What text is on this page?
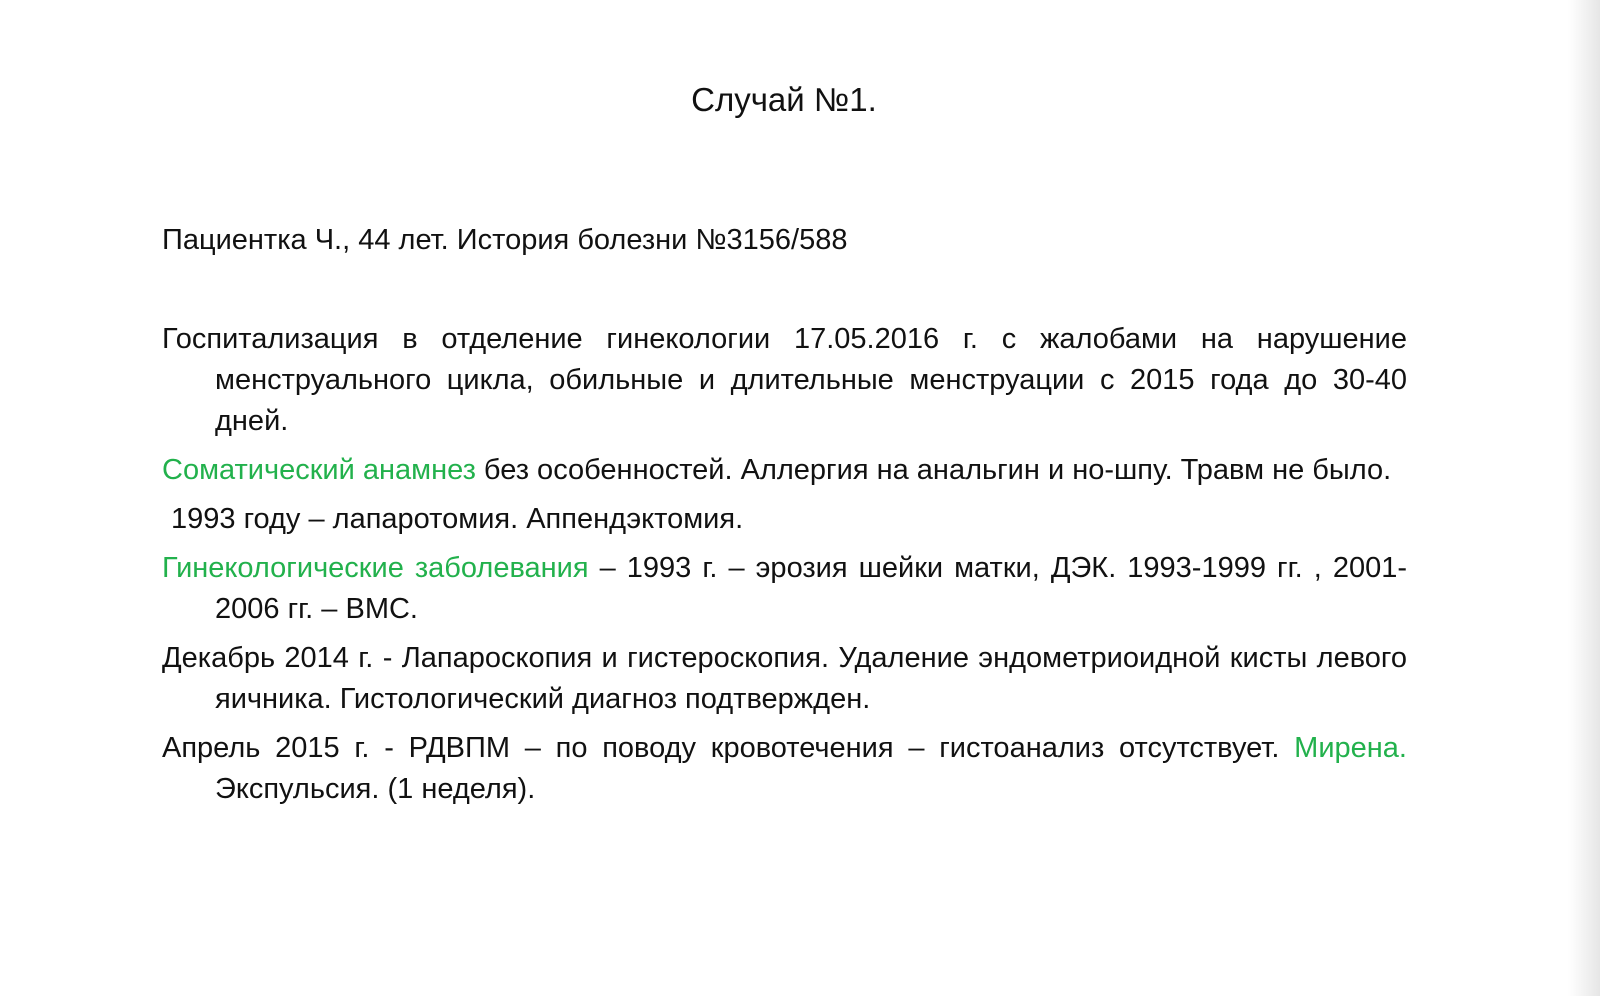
Случай №1.

Пациентка Ч., 44 лет. История болезни №3156/588

Госпитализация в отделение гинекологии 17.05.2016 г. с жалобами на нарушение менструального цикла, обильные и длительные менструации с 2015 года до 30-40 дней.

Соматический анамнез без особенностей. Аллергия на анальгин и но-шпу. Травм не было.

1993 году – лапаротомия. Аппендэктомия.

Гинекологические заболевания – 1993 г. – эрозия шейки матки, ДЭК. 1993-1999 гг. , 2001- 2006 гг. – ВМС.

Декабрь 2014 г. - Лапароскопия и гистероскопия. Удаление эндометриоидной кисты левого яичника. Гистологический диагноз подтвержден.

Апрель 2015 г. - РДВПМ – по поводу кровотечения – гистоанализ отсутствует. Мирена. Экспульсия. (1 неделя).
